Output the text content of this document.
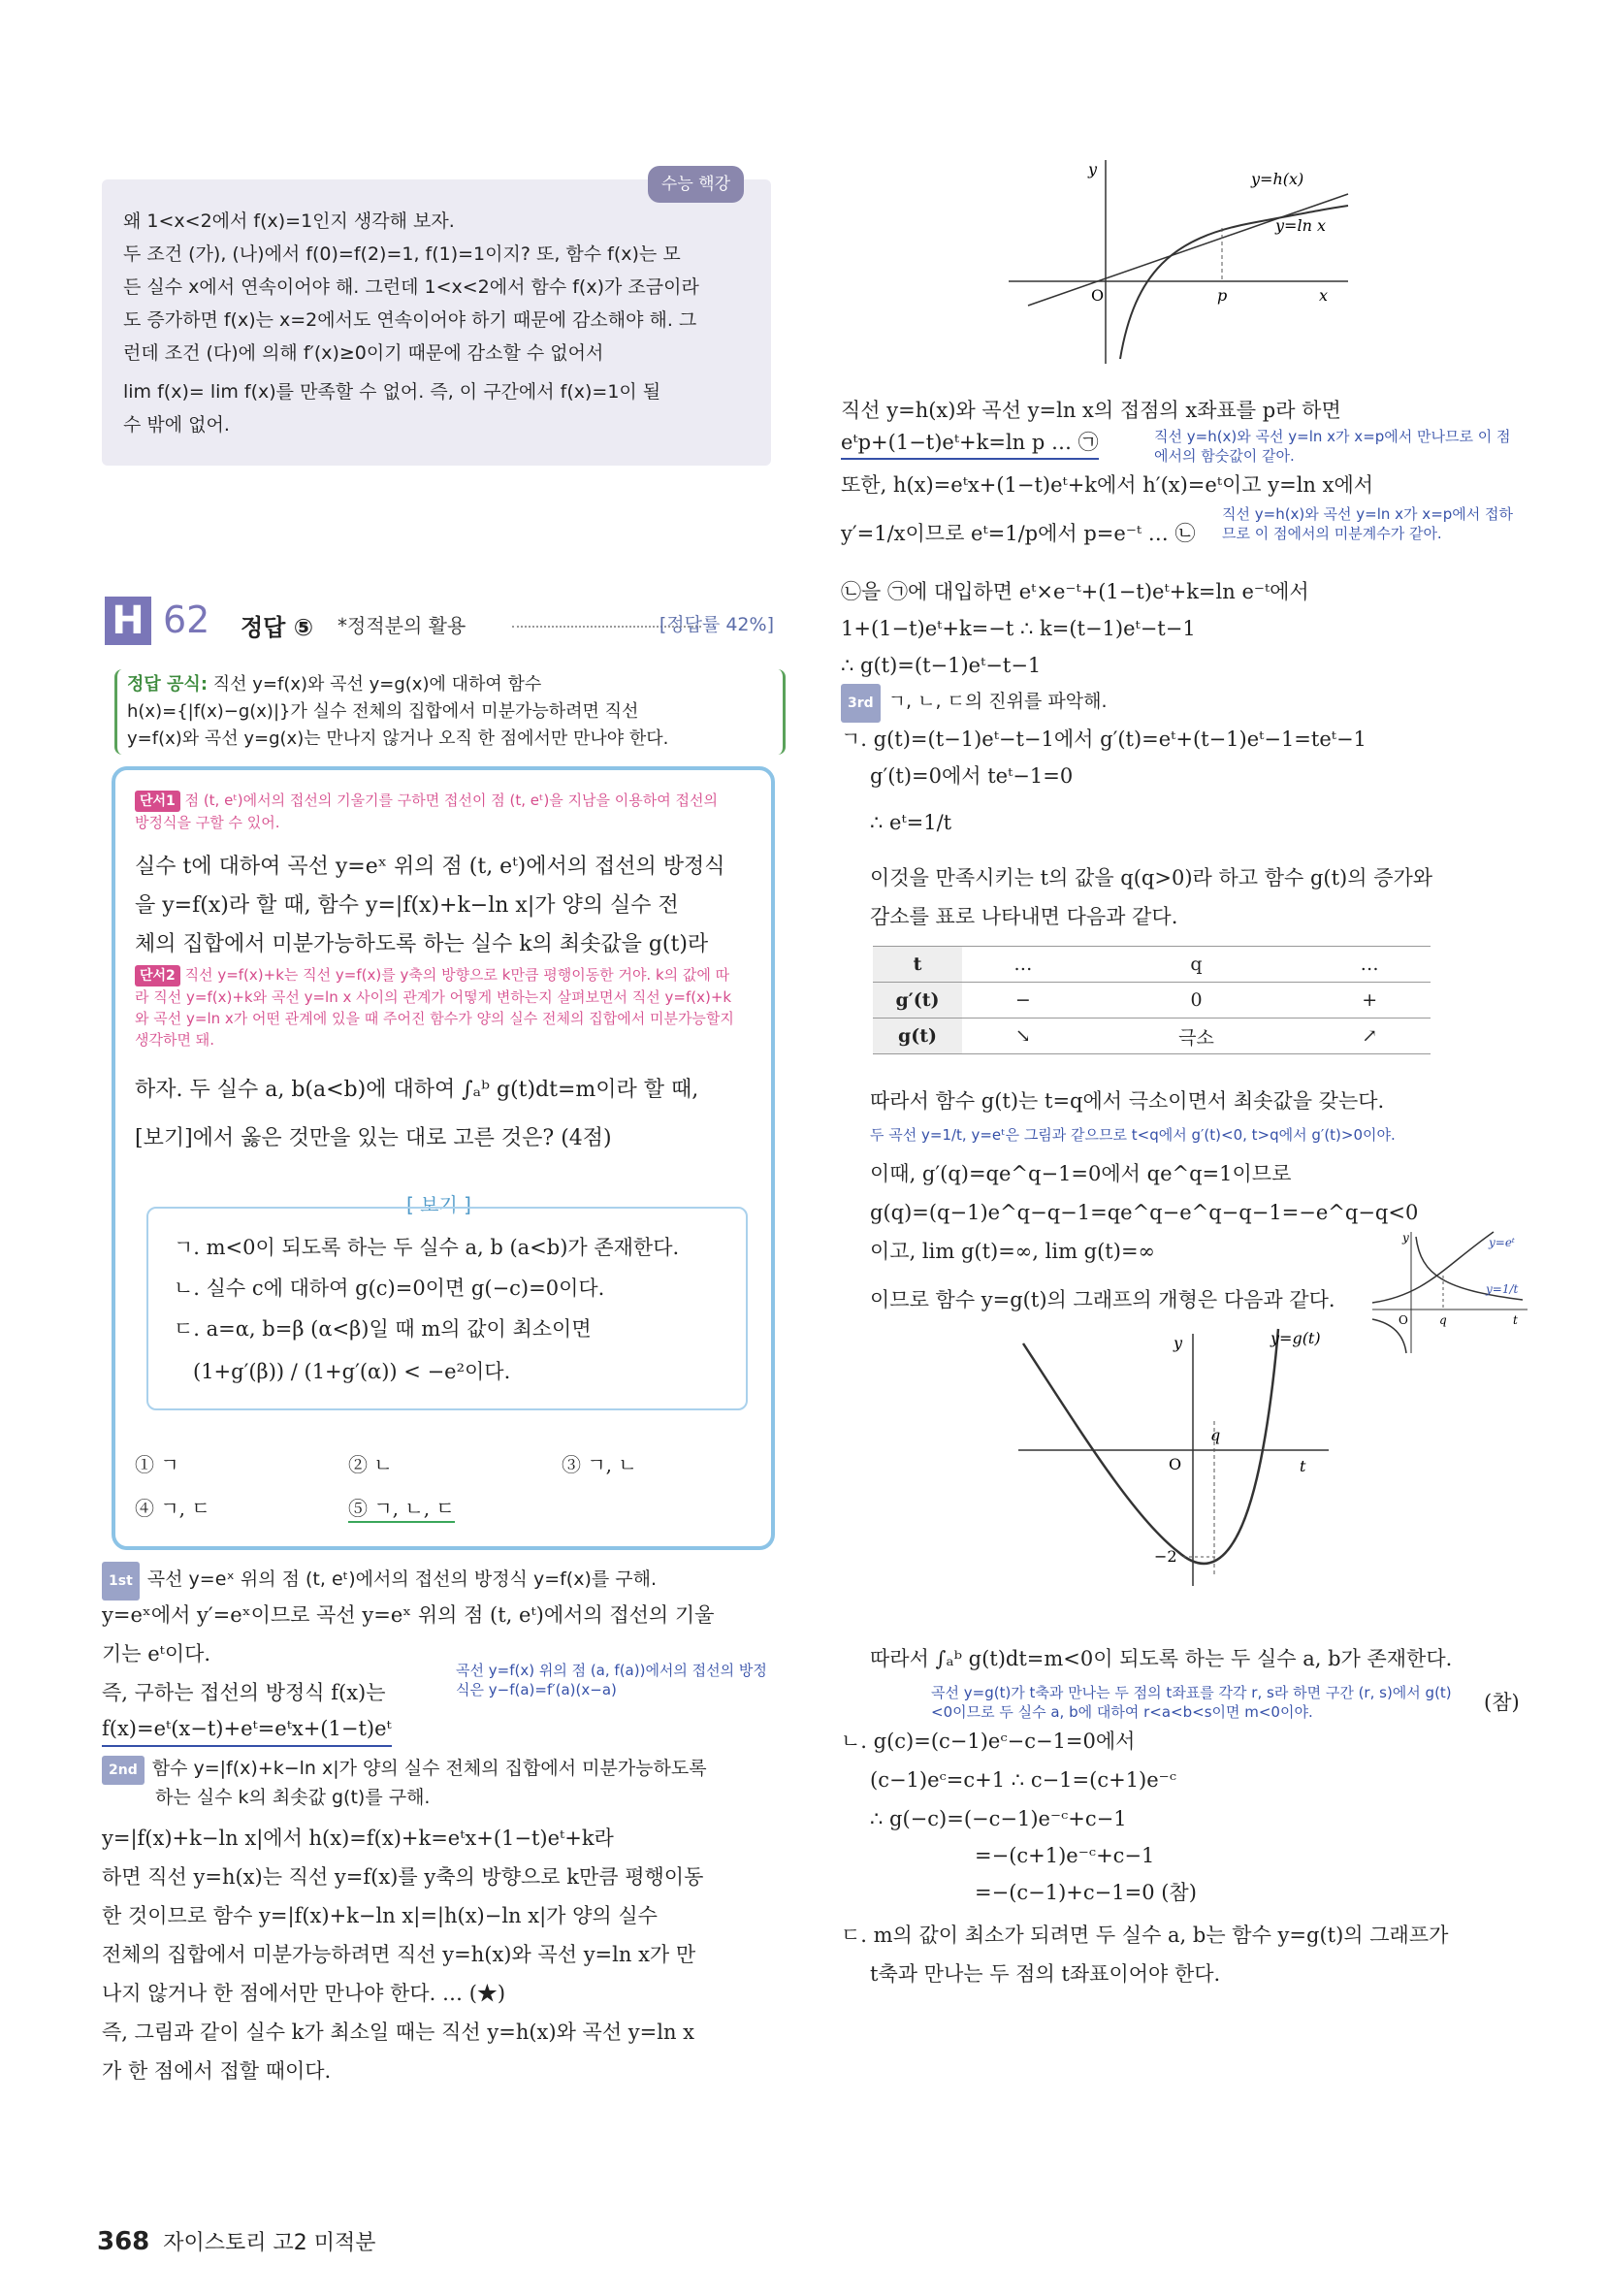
수능 핵강
왜 1<x<2에서 f(x)=1인지 생각해 보자.
두 조건 (가), (나)에서 f(0)=f(2)=1, f(1)=1이지? 또, 함수 f(x)는 모
든 실수 x에서 연속이어야 해. 그런데 1<x<2에서 함수 f(x)가 조금이라
도 증가하면 f(x)는 x=2에서도 연속이어야 하기 때문에 감소해야 해. 그
런데 조건 (다)에 의해 f′(x)≥0이기 때문에 감소할 수 없어서
lim f(x)= lim f(x)를 만족할 수 없어. 즉, 이 구간에서 f(x)=1이 될
수 밖에 없어.
H 62 정답 ⑤ *정적분의 활용	[정답률 42%]
정답 공식: 직선 y=f(x)와 곡선 y=g(x)에 대하여 함수
h(x)={|f(x)−g(x)|}가 실수 전체의 집합에서 미분가능하려면 직선
y=f(x)와 곡선 y=g(x)는 만나지 않거나 오직 한 점에서만 만나야 한다.
단서1 점 (t, eᵗ)에서의 접선의 기울기를 구하면 접선이 점 (t, eᵗ)을 지남을 이용하여 접선의 방정식을 구할 수 있어.
실수 t에 대하여 곡선 y=eˣ 위의 점 (t, eᵗ)에서의 접선의 방정식
을 y=f(x)라 할 때, 함수 y=|f(x)+k−ln x|가 양의 실수 전
체의 집합에서 미분가능하도록 하는 실수 k의 최솟값을 g(t)라
단서2 직선 y=f(x)+k는 직선 y=f(x)를 y축의 방향으로 k만큼 평행이동한 거야. k의 값에 따라 직선 y=f(x)+k와 곡선 y=ln x 사이의 관계가 어떻게 변하는지 살펴보면서 직선 y=f(x)+k와 곡선 y=ln x가 어떤 관계에 있을 때 주어진 함수가 양의 실수 전체의 집합에서 미분가능할지 생각하면 돼.
하자. 두 실수 a, b(a<b)에 대하여 ∫ₐᵇ g(t)dt=m이라 할 때,
[보기]에서 옳은 것만을 있는 대로 고른 것은? (4점)
[ 보기 ]
ㄱ. m<0이 되도록 하는 두 실수 a, b (a<b)가 존재한다.
ㄴ. 실수 c에 대하여 g(c)=0이면 g(−c)=0이다.
ㄷ. a=α, b=β (α<β)일 때 m의 값이 최소이면
(1+g′(β)) / (1+g′(α)) < −e²이다.
① ㄱ	② ㄴ	③ ㄱ, ㄴ
④ ㄱ, ㄷ	⑤ ㄱ, ㄴ, ㄷ
1st 곡선 y=eˣ 위의 점 (t, eᵗ)에서의 접선의 방정식 y=f(x)를 구해.
y=eˣ에서 y′=eˣ이므로 곡선 y=eˣ 위의 점 (t, eᵗ)에서의 접선의 기울
기는 eᵗ이다.
즉, 구하는 접선의 방정식 f(x)는
곡선 y=f(x) 위의 점 (a, f(a))에서의 접선의 방정식은 y−f(a)=f′(a)(x−a)
f(x)=eᵗ(x−t)+eᵗ=eᵗx+(1−t)eᵗ
2nd 함수 y=|f(x)+k−ln x|가 양의 실수 전체의 집합에서 미분가능하도록
하는 실수 k의 최솟값 g(t)를 구해.
y=|f(x)+k−ln x|에서 h(x)=f(x)+k=eᵗx+(1−t)eᵗ+k라
하면 직선 y=h(x)는 직선 y=f(x)를 y축의 방향으로 k만큼 평행이동
한 것이므로 함수 y=|f(x)+k−ln x|=|h(x)−ln x|가 양의 실수
전체의 집합에서 미분가능하려면 직선 y=h(x)와 곡선 y=ln x가 만
나지 않거나 한 점에서만 만나야 한다. … (★)
즉, 그림과 같이 실수 k가 최소일 때는 직선 y=h(x)와 곡선 y=ln x
가 한 점에서 접할 때이다.
y
x
O	p
y=h(x)
y=ln x
직선 y=h(x)와 곡선 y=ln x의 접점의 x좌표를 p라 하면
eᵗp+(1−t)eᵗ+k=ln p … ㉠	직선 y=h(x)와 곡선 y=ln x가 x=p에서 만나므로 이 점에서의 함숫값이 같아.
또한, h(x)=eᵗx+(1−t)eᵗ+k에서 h′(x)=eᵗ이고 y=ln x에서
y′=1/x이므로 eᵗ=1/p에서 p=e⁻ᵗ … ㉡
직선 y=h(x)와 곡선 y=ln x가 x=p에서 접하므로 이 점에서의 미분계수가 같아.
㉡을 ㉠에 대입하면 eᵗ×e⁻ᵗ+(1−t)eᵗ+k=ln e⁻ᵗ에서
1+(1−t)eᵗ+k=−t ∴ k=(t−1)eᵗ−t−1
∴ g(t)=(t−1)eᵗ−t−1
3rd ㄱ, ㄴ, ㄷ의 진위를 파악해.
ㄱ. g(t)=(t−1)eᵗ−t−1에서 g′(t)=eᵗ+(t−1)eᵗ−1=teᵗ−1
g′(t)=0에서 teᵗ−1=0
∴ eᵗ=1/t
이것을 만족시키는 t의 값을 q(q>0)라 하고 함수 g(t)의 증가와
감소를 표로 나타내면 다음과 같다.
t	…	q	…
g′(t)	−	0	+
g(t)	↘	극소	↗
따라서 함수 g(t)는 t=q에서 극소이면서 최솟값을 갖는다.
두 곡선 y=1/t, y=eᵗ은 그림과 같으므로 t<q에서 g′(t)<0, t>q에서 g′(t)>0이야.
이때, g′(q)=qe^q−1=0에서 qe^q=1이므로
g(q)=(q−1)e^q−q−1=qe^q−e^q−q−1=−e^q−q<0
이고, lim g(t)=∞, lim g(t)=∞
이므로 함수 y=g(t)의 그래프의 개형은 다음과 같다.
y
t
O	q
y=eᵗ
y=1/t
y
t
O
q
−2
y=g(t)
따라서 ∫ₐᵇ g(t)dt=m<0이 되도록 하는 두 실수 a, b가 존재한다.
곡선 y=g(t)가 t축과 만나는 두 점의 t좌표를 각각 r, s라 하면 구간 (r, s)에서 g(t)<0이므로 두 실수 a, b에 대하여 r<a<b<s이면 m<0이야.	(참)
ㄴ. g(c)=(c−1)eᶜ−c−1=0에서
(c−1)eᶜ=c+1 ∴ c−1=(c+1)e⁻ᶜ
∴ g(−c)=(−c−1)e⁻ᶜ+c−1
=−(c+1)e⁻ᶜ+c−1
=−(c−1)+c−1=0 (참)
ㄷ. m의 값이 최소가 되려면 두 실수 a, b는 함수 y=g(t)의 그래프가
t축과 만나는 두 점의 t좌표이어야 한다.
368 자이스토리 고2 미적분
